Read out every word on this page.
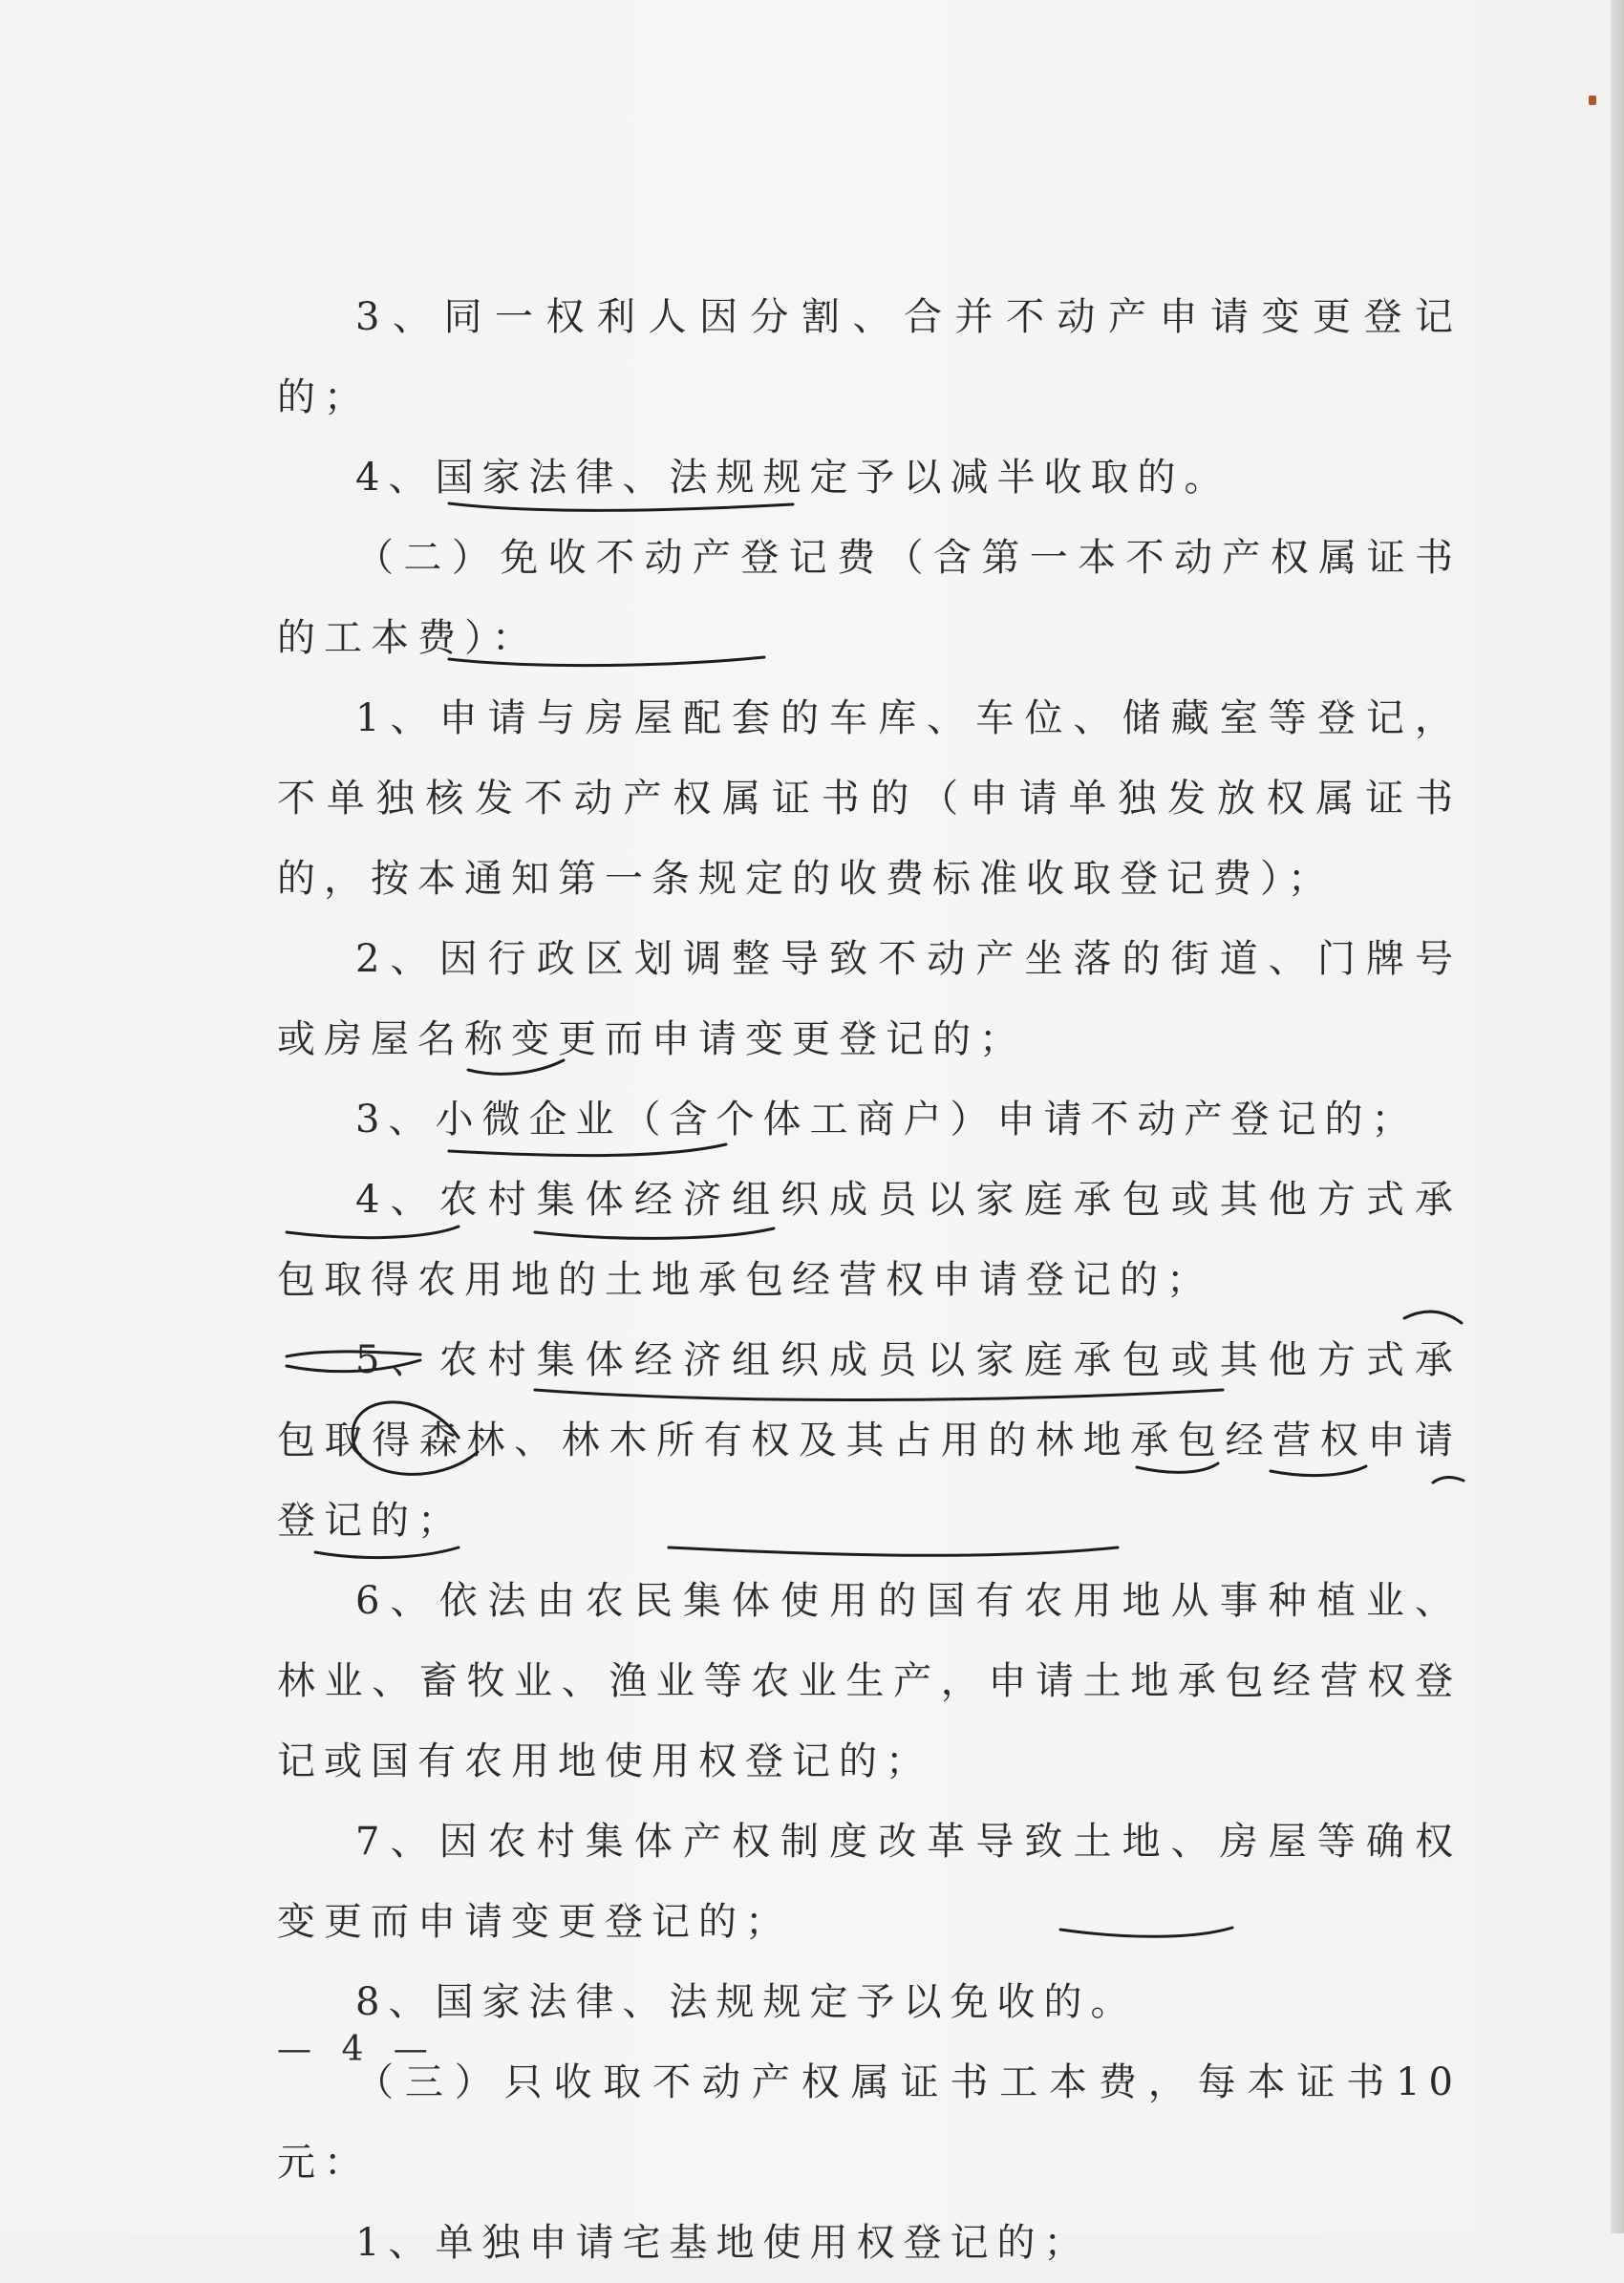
3、同一权利人因分割、合并不动产申请变更登记的；

4、国家法律、法规规定予以减半收取的。

（二）免收不动产登记费（含第一本不动产权属证书的工本费）：

1、申请与房屋配套的车库、车位、储藏室等登记，不单独核发不动产权属证书的（申请单独发放权属证书的，按本通知第一条规定的收费标准收取登记费）；

2、因行政区划调整导致不动产坐落的街道、门牌号或房屋名称变更而申请变更登记的；

3、小微企业（含个体工商户）申请不动产登记的；

4、农村集体经济组织成员以家庭承包或其他方式承包取得农用地的土地承包经营权申请登记的；

5、农村集体经济组织成员以家庭承包或其他方式承包取得森林、林木所有权及其占用的林地承包经营权申请登记的；

6、依法由农民集体使用的国有农用地从事种植业、林业、畜牧业、渔业等农业生产，申请土地承包经营权登记或国有农用地使用权登记的；

7、因农村集体产权制度改革导致土地、房屋等确权变更而申请变更登记的；

8、国家法律、法规规定予以免收的。

（三）只收取不动产权属证书工本费，每本证书10元：

1、单独申请宅基地使用权登记的；

— 4 —
